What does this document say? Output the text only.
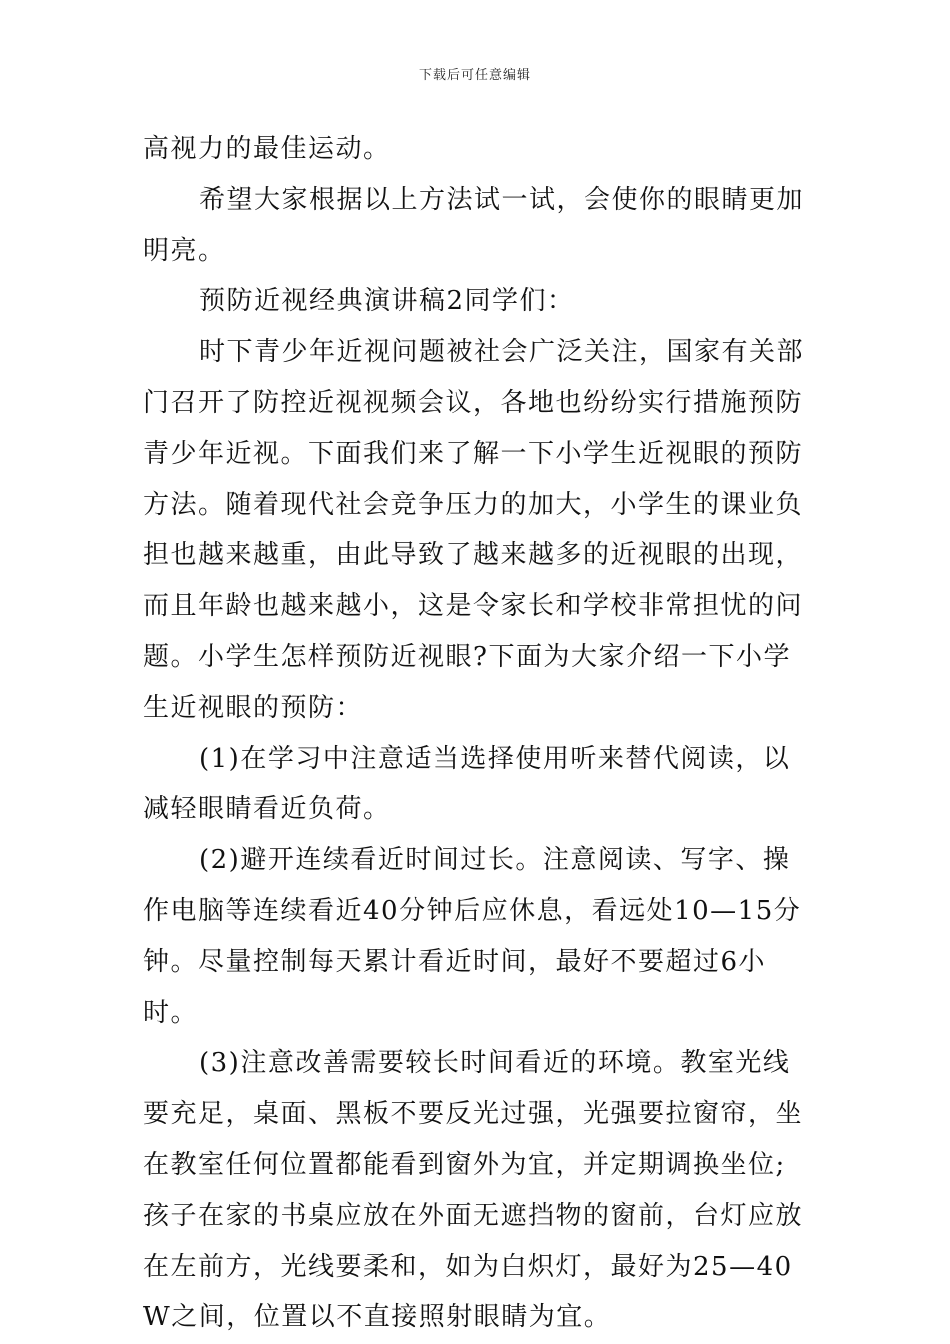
下载后可任意编辑

高视力的最佳运动。

希望大家根据以上方法试一试，会使你的眼睛更加明亮。

预防近视经典演讲稿2同学们：

时下青少年近视问题被社会广泛关注，国家有关部门召开了防控近视视频会议，各地也纷纷实行措施预防青少年近视。下面我们来了解一下小学生近视眼的预防方法。随着现代社会竞争压力的加大，小学生的课业负担也越来越重，由此导致了越来越多的近视眼的出现，而且年龄也越来越小，这是令家长和学校非常担忧的问题。小学生怎样预防近视眼?下面为大家介绍一下小学生近视眼的预防：

(1)在学习中注意适当选择使用听来替代阅读，以减轻眼睛看近负荷。

(2)避开连续看近时间过长。注意阅读、写字、操作电脑等连续看近40分钟后应休息，看远处10—15分钟。尽量控制每天累计看近时间，最好不要超过6小时。

(3)注意改善需要较长时间看近的环境。教室光线要充足，桌面、黑板不要反光过强，光强要拉窗帘，坐在教室任何位置都能看到窗外为宜，并定期调换坐位;孩子在家的书桌应放在外面无遮挡物的窗前，台灯应放在左前方，光线要柔和，如为白炽灯，最好为25—40W之间，位置以不直接照射眼睛为宜。
